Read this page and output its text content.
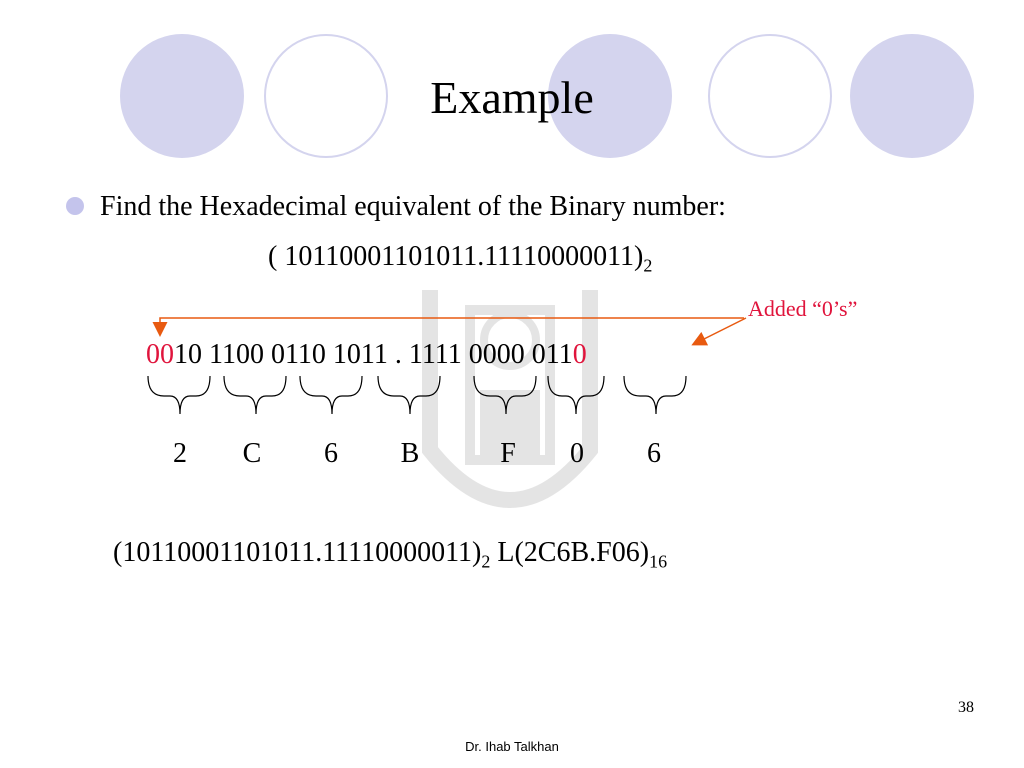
Example
Find the Hexadecimal equivalent of the Binary number:
( $10110001101011.11110000011)_2$
Added “0’s”
0010 1100 0110 1011 . 1111 0000 0110
2	C	6	B	F	0	6
$(10110001101011.11110000011)_2$ $L(2C6B.F06)_{16}$
38
Dr. Ihab Talkhan
